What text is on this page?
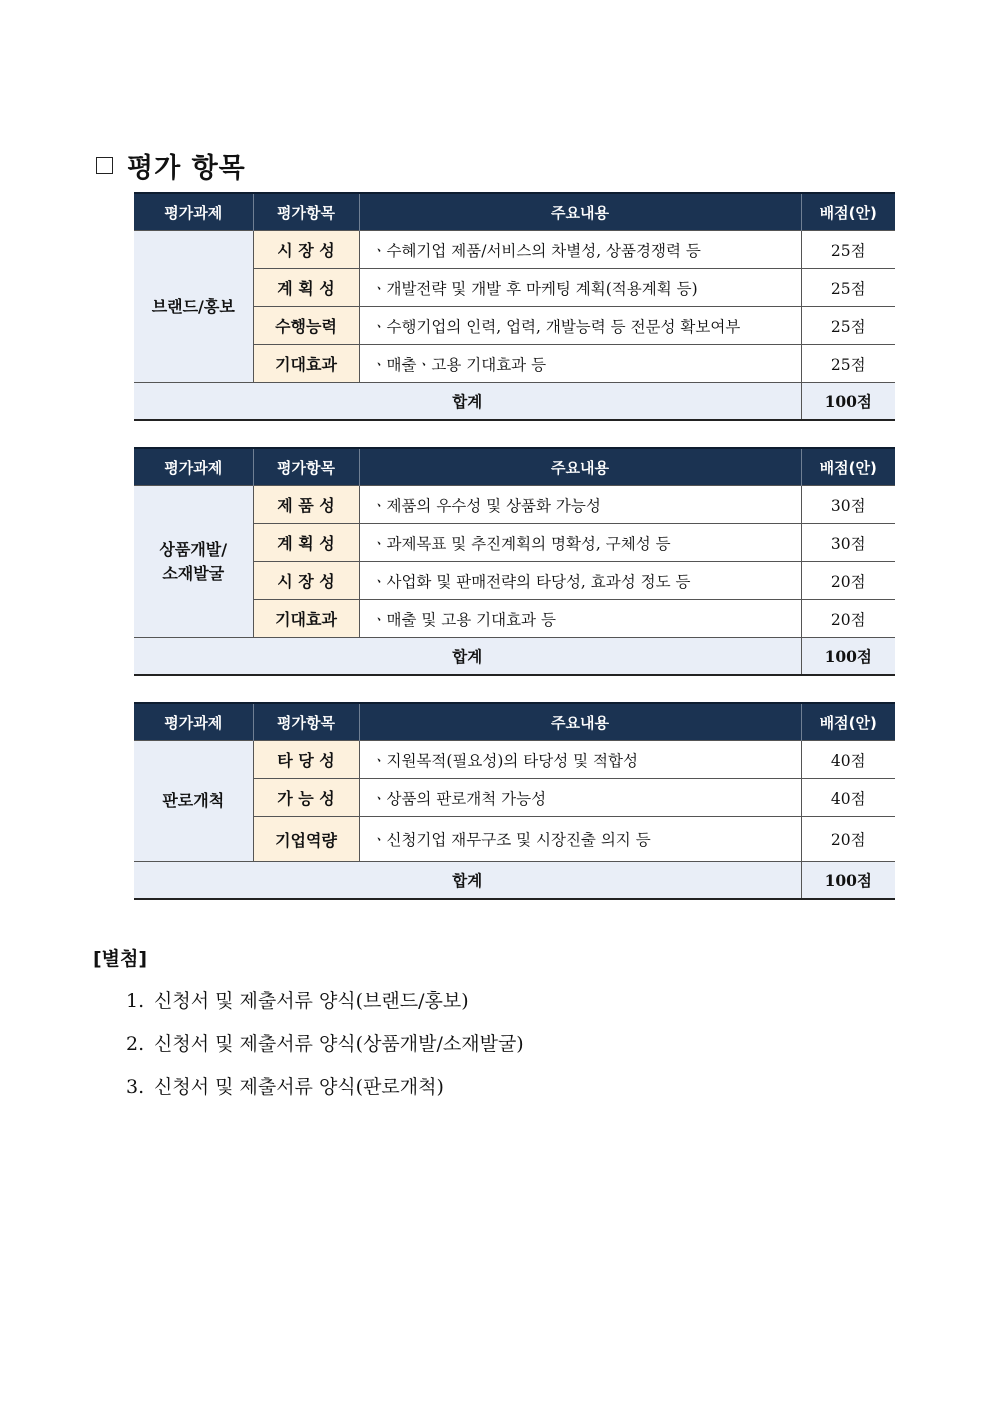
평가 항목
평가과제	평가항목	주요내용	배점(안)
브랜드/홍보	시 장 성	ㆍ수혜기업 제품/서비스의 차별성, 상품경쟁력 등	25점
	계 획 성	ㆍ개발전략 및 개발 후 마케팅 계획(적용계획 등)	25점
	수행능력	ㆍ수행기업의 인력, 업력, 개발능력 등 전문성 확보여부	25점
	기대효과	ㆍ매출ㆍ고용 기대효과 등	25점
합계			100점
평가과제	평가항목	주요내용	배점(안)
상품개발/
소재발굴	제 품 성	ㆍ제품의 우수성 및 상품화 가능성	30점
	계 획 성	ㆍ과제목표 및 추진계획의 명확성, 구체성 등	30점
	시 장 성	ㆍ사업화 및 판매전략의 타당성, 효과성 정도 등	20점
	기대효과	ㆍ매출 및 고용 기대효과 등	20점
합계			100점
평가과제	평가항목	주요내용	배점(안)
판로개척	타 당 성	ㆍ지원목적(필요성)의 타당성 및 적합성	40점
	가 능 성	ㆍ상품의 판로개척 가능성	40점
	기업역량	ㆍ신청기업 재무구조 및 시장진출 의지 등	20점
합계			100점
[별첨]
1. 신청서 및 제출서류 양식(브랜드/홍보)
2. 신청서 및 제출서류 양식(상품개발/소재발굴)
3. 신청서 및 제출서류 양식(판로개척)
